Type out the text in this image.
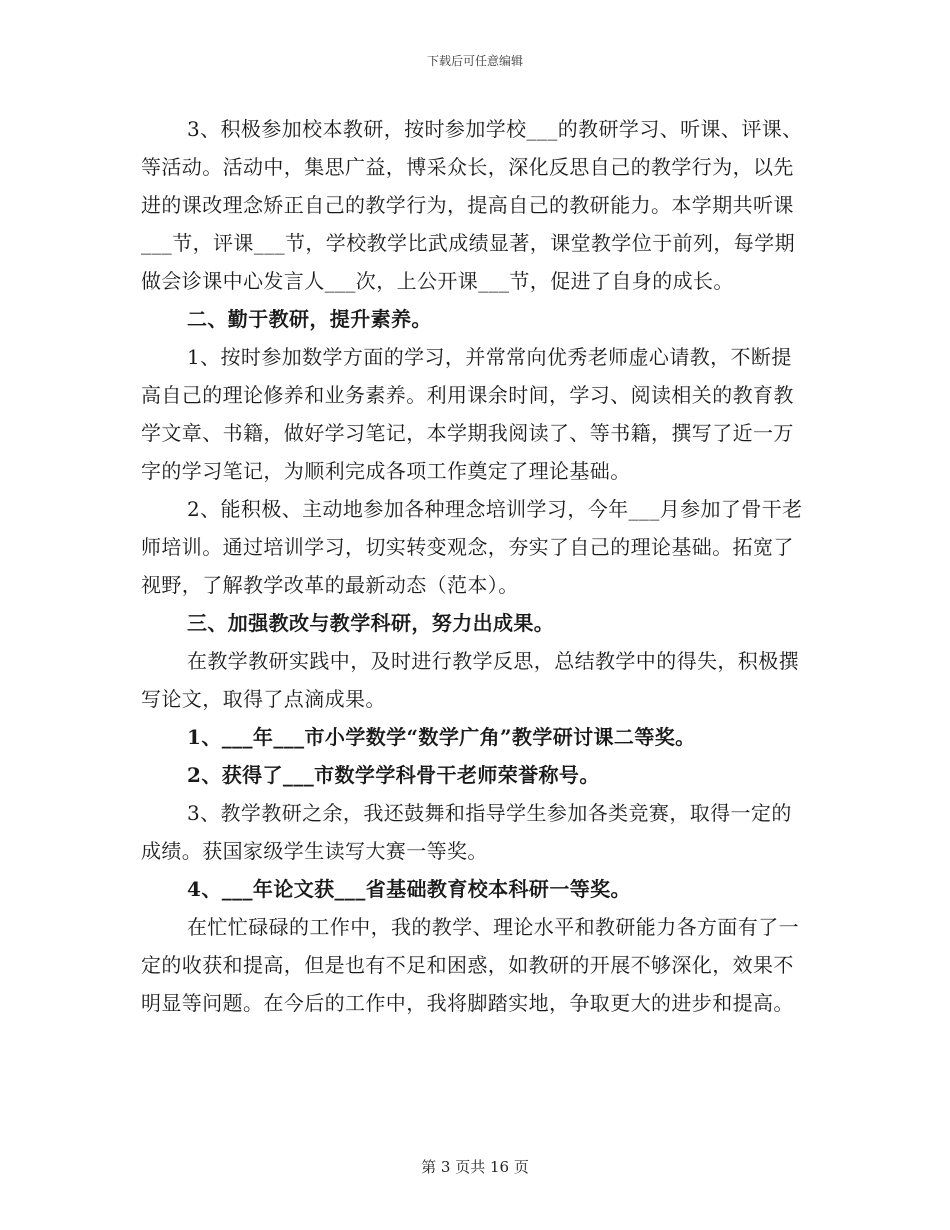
下载后可任意编辑

3、积极参加校本教研，按时参加学校___的教研学习、听课、评课、等活动。活动中，集思广益，博采众长，深化反思自己的教学行为，以先进的课改理念矫正自己的教学行为，提高自己的教研能力。本学期共听课___节，评课___节，学校教学比武成绩显著，课堂教学位于前列，每学期做会诊课中心发言人___次，上公开课___节，促进了自身的成长。

二、勤于教研，提升素养。

1、按时参加数学方面的学习，并常常向优秀老师虚心请教，不断提高自己的理论修养和业务素养。利用课余时间，学习、阅读相关的教育教学文章、书籍，做好学习笔记，本学期我阅读了、等书籍，撰写了近一万字的学习笔记，为顺利完成各项工作奠定了理论基础。

2、能积极、主动地参加各种理念培训学习，今年___月参加了骨干老师培训。通过培训学习，切实转变观念，夯实了自己的理论基础。拓宽了视野，了解教学改革的最新动态（范本）。

三、加强教改与教学科研，努力出成果。

在教学教研实践中，及时进行教学反思，总结教学中的得失，积极撰写论文，取得了点滴成果。

1、___年___市小学数学“数学广角”教学研讨课二等奖。

2、获得了___市数学学科骨干老师荣誉称号。

3、教学教研之余，我还鼓舞和指导学生参加各类竞赛，取得一定的成绩。获国家级学生读写大赛一等奖。

4、___年论文获___省基础教育校本科研一等奖。

在忙忙碌碌的工作中，我的教学、理论水平和教研能力各方面有了一定的收获和提高，但是也有不足和困惑，如教研的开展不够深化，效果不明显等问题。在今后的工作中，我将脚踏实地，争取更大的进步和提高。

第 3 页共 16 页
